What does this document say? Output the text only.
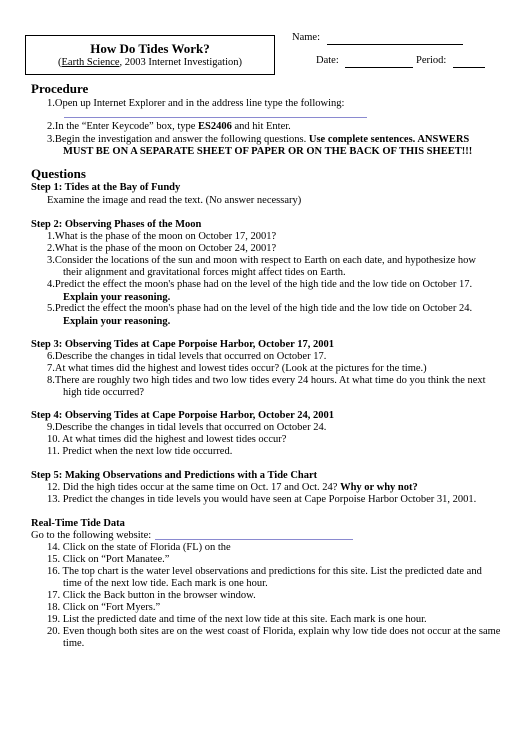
How Do Tides Work?
(Earth Science, 2003 Internet Investigation)
Name:
Date:	Period:
Procedure
1.Open up Internet Explorer and in the address line type the following:
2.In the “Enter Keycode” box, type ES2406 and hit Enter.
3.Begin the investigation and answer the following questions. Use complete sentences. ANSWERS
MUST BE ON A SEPARATE SHEET OF PAPER OR ON THE BACK OF THIS SHEET!!!
Questions
Step 1: Tides at the Bay of Fundy
Examine the image and read the text. (No answer necessary)
Step 2: Observing Phases of the Moon
1.What is the phase of the moon on October 17, 2001?
2.What is the phase of the moon on October 24, 2001?
3.Consider the locations of the sun and moon with respect to Earth on each date, and hypothesize how
their alignment and gravitational forces might affect tides on Earth.
4.Predict the effect the moon's phase had on the level of the high tide and the low tide on October 17.
Explain your reasoning.
5.Predict the effect the moon's phase had on the level of the high tide and the low tide on October 24.
Explain your reasoning.
Step 3: Observing Tides at Cape Porpoise Harbor, October 17, 2001
6.Describe the changes in tidal levels that occurred on October 17.
7.At what times did the highest and lowest tides occur? (Look at the pictures for the time.)
8.There are roughly two high tides and two low tides every 24 hours. At what time do you think the next
high tide occurred?
Step 4: Observing Tides at Cape Porpoise Harbor, October 24, 2001
9.Describe the changes in tidal levels that occurred on October 24.
10. At what times did the highest and lowest tides occur?
11. Predict when the next low tide occurred.
Step 5: Making Observations and Predictions with a Tide Chart
12. Did the high tides occur at the same time on Oct. 17 and Oct. 24? Why or why not?
13. Predict the changes in tide levels you would have seen at Cape Porpoise Harbor October 31, 2001.
Real-Time Tide Data
Go to the following website:
14. Click on the state of Florida (FL) on the
15. Click on “Port Manatee.”
16. The top chart is the water level observations and predictions for this site. List the predicted date and
time of the next low tide. Each mark is one hour.
17. Click the Back button in the browser window.
18. Click on “Fort Myers.”
19. List the predicted date and time of the next low tide at this site. Each mark is one hour.
20. Even though both sites are on the west coast of Florida, explain why low tide does not occur at the same
time.
